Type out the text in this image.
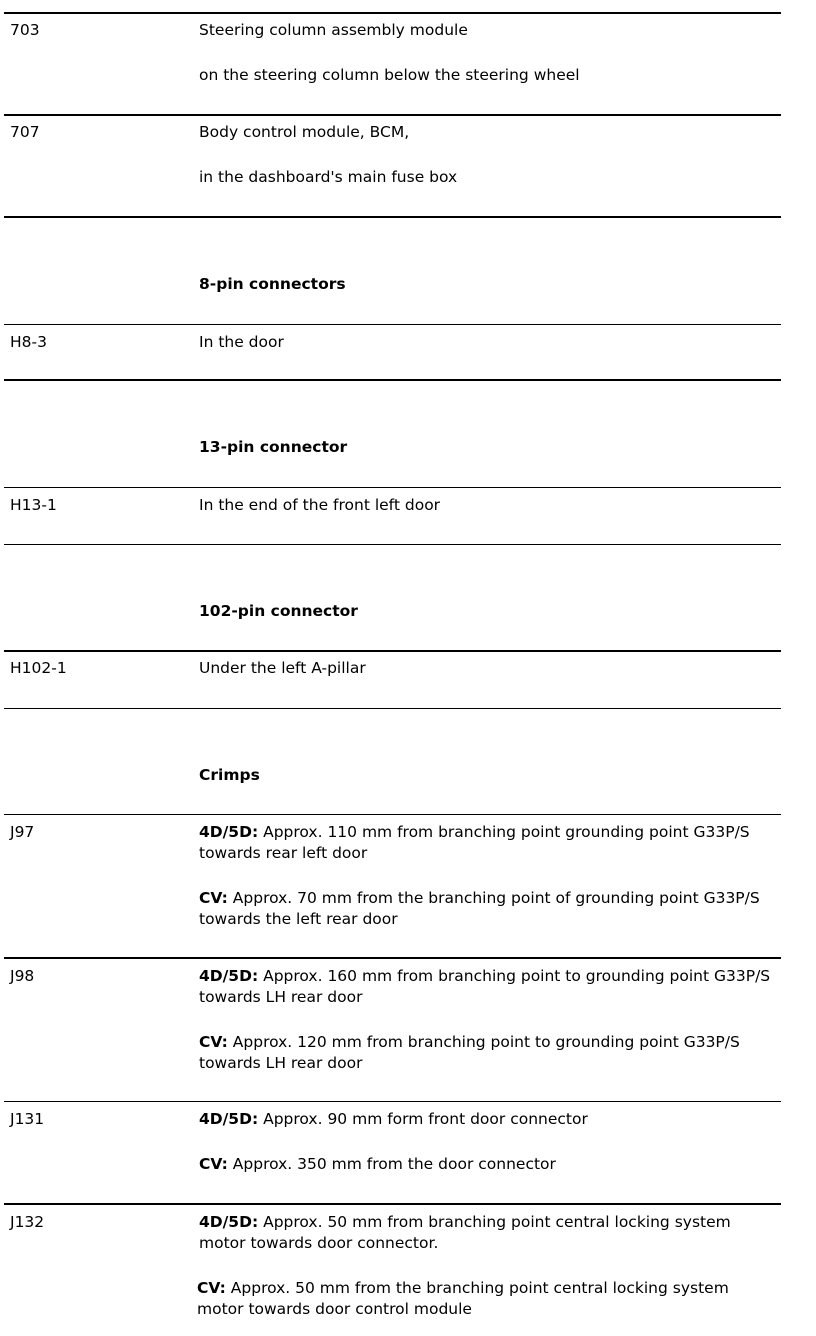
703	Steering column assembly module

on the steering column below the steering wheel

707	Body control module, BCM,

in the dashboard's main fuse box

8-pin connectors
H8-3	In the door

13-pin connector
H13-1	In the end of the front left door

102-pin connector
H102-1	Under the left A-pillar

Crimps
J97	4D/5D: Approx. 110 mm from branching point grounding point G33P/S towards rear left door

CV: Approx. 70 mm from the branching point of grounding point G33P/S towards the left rear door

J98	4D/5D: Approx. 160 mm from branching point to grounding point G33P/S towards LH rear door

CV: Approx. 120 mm from branching point to grounding point G33P/S towards LH rear door

J131	4D/5D: Approx. 90 mm form front door connector

CV: Approx. 350 mm from the door connector

J132	4D/5D: Approx. 50 mm from branching point central locking system motor towards door connector.

CV: Approx. 50 mm from the branching point central locking system motor towards door control module
